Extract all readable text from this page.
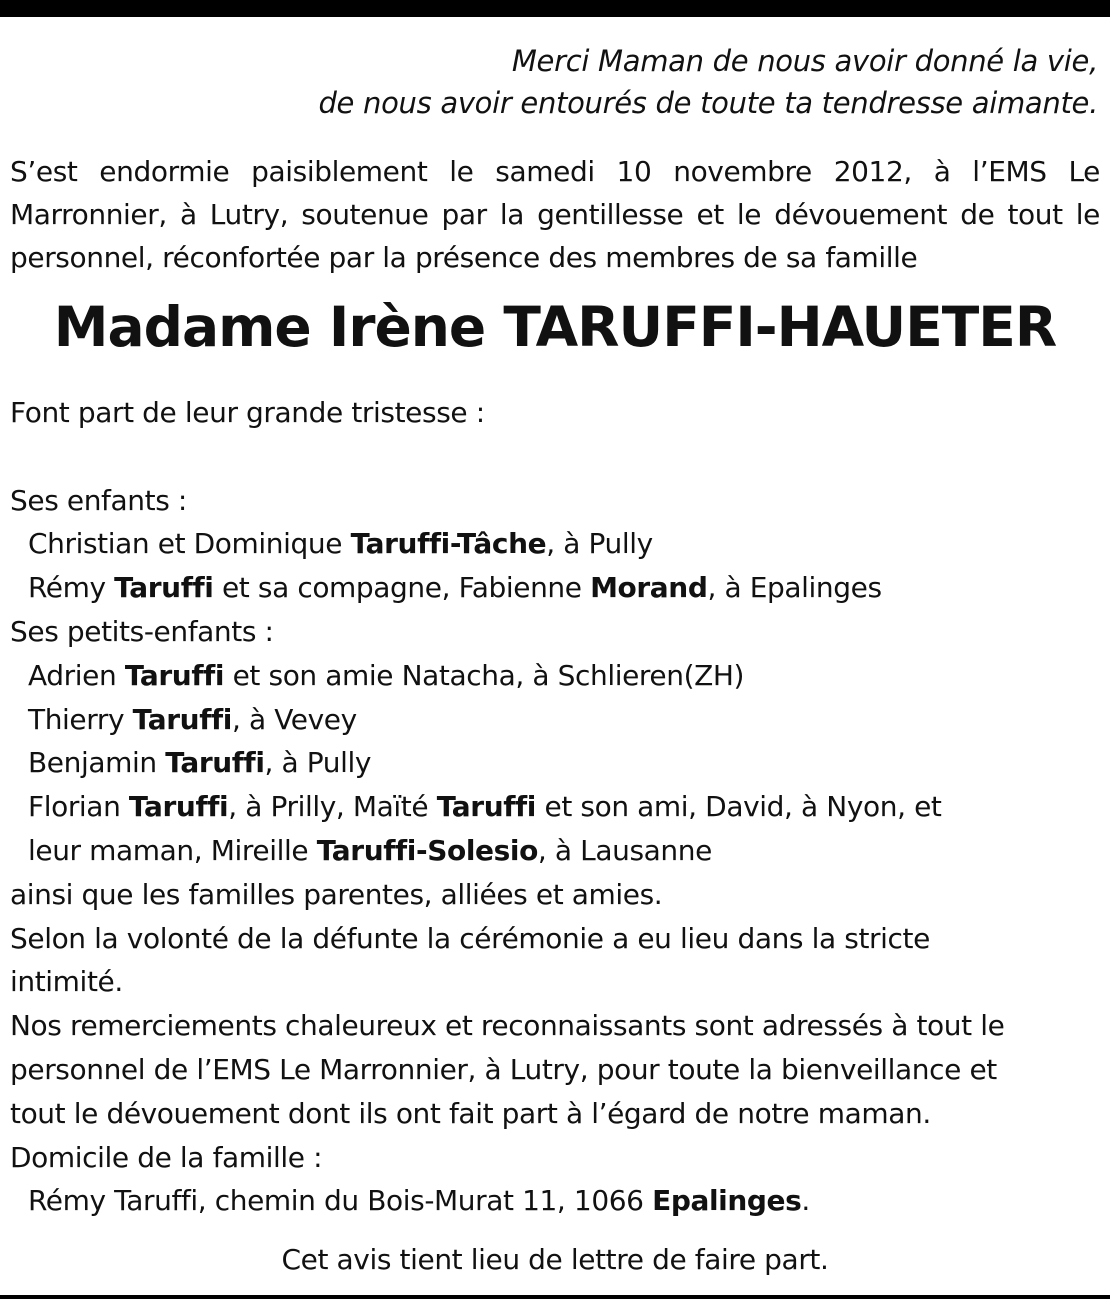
Merci Maman de nous avoir donné la vie,
de nous avoir entourés de toute ta tendresse aimante.
S’est endormie paisiblement le samedi 10 novembre 2012, à l’EMS Le Marronnier, à Lutry, soutenue par la gentillesse et le dévouement de tout le personnel, réconfortée par la présence des membres de sa famille
Madame Irène TARUFFI-HAUETER
Font part de leur grande tristesse :
Ses enfants :
Christian et Dominique Taruffi-Tâche, à Pully
Rémy Taruffi et sa compagne, Fabienne Morand, à Epalinges
Ses petits-enfants :
Adrien Taruffi et son amie Natacha, à Schlieren(ZH)
Thierry Taruffi, à Vevey
Benjamin Taruffi, à Pully
Florian Taruffi, à Prilly, Maïté Taruffi et son ami, David, à Nyon, et
leur maman, Mireille Taruffi-Solesio, à Lausanne
ainsi que les familles parentes, alliées et amies.
Selon la volonté de la défunte la cérémonie a eu lieu dans la stricte
intimité.
Nos remerciements chaleureux et reconnaissants sont adressés à tout le
personnel de l’EMS Le Marronnier, à Lutry, pour toute la bienveillance et
tout le dévouement dont ils ont fait part à l’égard de notre maman.
Domicile de la famille :
Rémy Taruffi, chemin du Bois-Murat 11, 1066 Epalinges.
Cet avis tient lieu de lettre de faire part.
